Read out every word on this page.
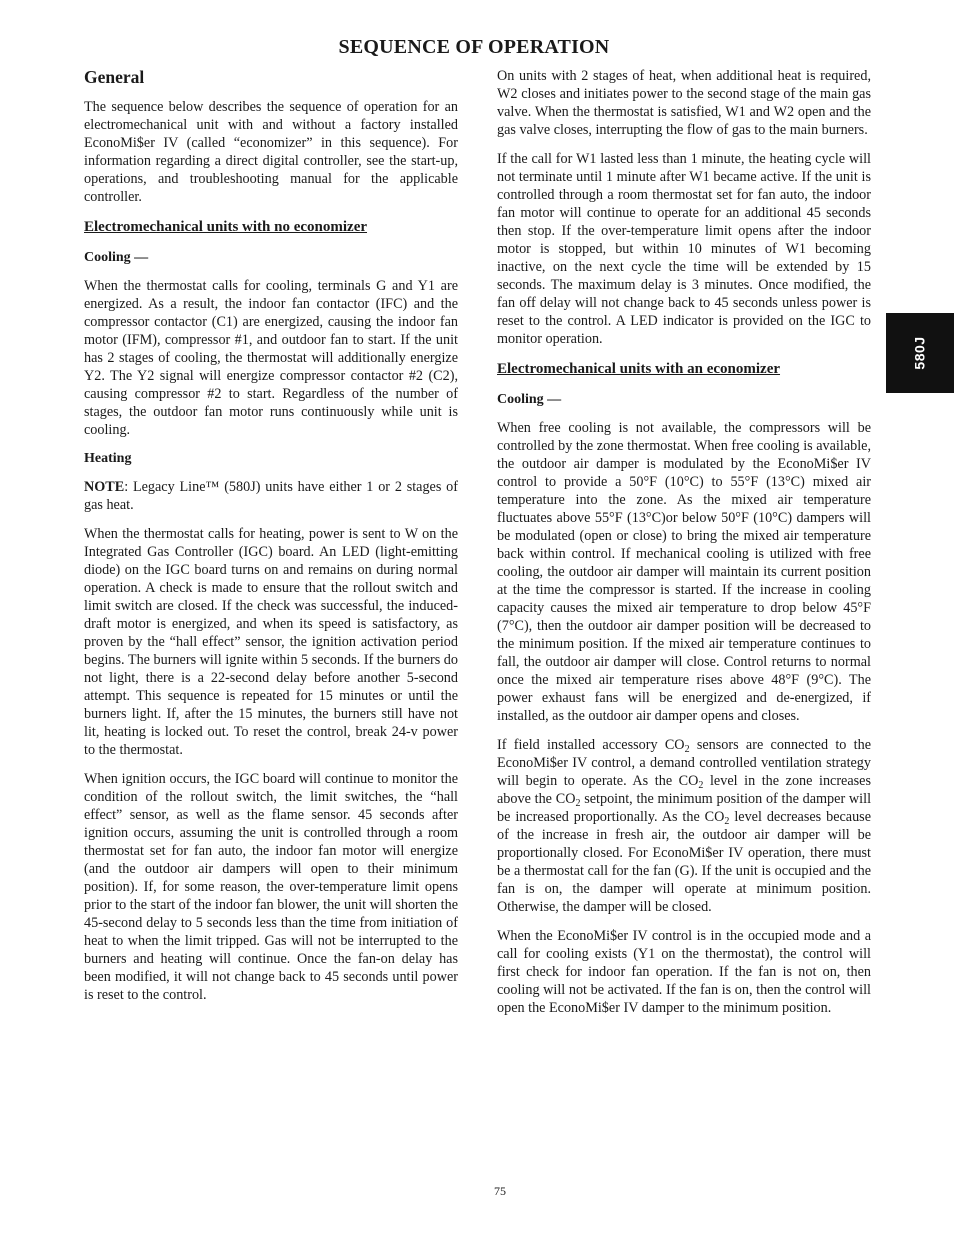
SEQUENCE OF OPERATION
General

The sequence below describes the sequence of operation for an electromechanical unit with and without a factory installed EconoMi$er IV (called “economizer” in this sequence). For information regarding a direct digital controller, see the start-up, operations, and troubleshooting manual for the applicable controller.

Electromechanical units with no economizer
Cooling —

When the thermostat calls for cooling, terminals G and Y1 are energized. As a result, the indoor fan contactor (IFC) and the compressor contactor (C1) are energized, causing the indoor fan motor (IFM), compressor #1, and outdoor fan to start. If the unit has 2 stages of cooling, the thermostat will additionally energize Y2. The Y2 signal will energize compressor contactor #2 (C2), causing compressor #2 to start. Regardless of the number of stages, the outdoor fan motor runs continuously while unit is cooling.

Heating

NOTE: Legacy Line™ (580J) units have either 1 or 2 stages of gas heat.

When the thermostat calls for heating, power is sent to W on the Integrated Gas Controller (IGC) board. An LED (light-emitting diode) on the IGC board turns on and remains on during normal operation. A check is made to ensure that the rollout switch and limit switch are closed. If the check was successful, the induced-draft motor is energized, and when its speed is satisfactory, as proven by the “hall effect” sensor, the ignition activation period begins. The burners will ignite within 5 seconds. If the burners do not light, there is a 22-second delay before another 5-second attempt. This sequence is repeated for 15 minutes or until the burners light. If, after the 15 minutes, the burners still have not lit, heating is locked out. To reset the control, break 24-v power to the thermostat.

When ignition occurs, the IGC board will continue to monitor the condition of the rollout switch, the limit switches, the “hall effect” sensor, as well as the flame sensor. 45 seconds after ignition occurs, assuming the unit is controlled through a room thermostat set for fan auto, the indoor fan motor will energize (and the outdoor air dampers will open to their minimum position). If, for some reason, the over-temperature limit opens prior to the start of the indoor fan blower, the unit will shorten the 45-second delay to 5 seconds less than the time from initiation of heat to when the limit tripped. Gas will not be interrupted to the burners and heating will continue. Once the fan-on delay has been modified, it will not change back to 45 seconds until power is reset to the control.

On units with 2 stages of heat, when additional heat is required, W2 closes and initiates power to the second stage of the main gas valve. When the thermostat is satisfied, W1 and W2 open and the gas valve closes, interrupting the flow of gas to the main burners.

If the call for W1 lasted less than 1 minute, the heating cycle will not terminate until 1 minute after W1 became active. If the unit is controlled through a room thermostat set for fan auto, the indoor fan motor will continue to operate for an additional 45 seconds then stop. If the over-temperature limit opens after the indoor motor is stopped, but within 10 minutes of W1 becoming inactive, on the next cycle the time will be extended by 15 seconds. The maximum delay is 3 minutes. Once modified, the fan off delay will not change back to 45 seconds unless power is reset to the control. A LED indicator is provided on the IGC to monitor operation.

Electromechanical units with an economizer
Cooling —

When free cooling is not available, the compressors will be controlled by the zone thermostat. When free cooling is available, the outdoor air damper is modulated by the EconoMi$er IV control to provide a 50°F (10°C) to 55°F (13°C) mixed air temperature into the zone. As the mixed air temperature fluctuates above 55°F (13°C)or below 50°F (10°C) dampers will be modulated (open or close) to bring the mixed air temperature back within control. If mechanical cooling is utilized with free cooling, the outdoor air damper will maintain its current position at the time the compressor is started. If the increase in cooling capacity causes the mixed air temperature to drop below 45°F (7°C), then the outdoor air damper position will be decreased to the minimum position. If the mixed air temperature continues to fall, the outdoor air damper will close. Control returns to normal once the mixed air temperature rises above 48°F (9°C). The power exhaust fans will be energized and de-energized, if installed, as the outdoor air damper opens and closes.

If field installed accessory $CO_2$ sensors are connected to the EconoMi$er IV control, a demand controlled ventilation strategy will begin to operate. As the $CO_2$ level in the zone increases above the $CO_2$ setpoint, the minimum position of the damper will be increased proportionally. As the $CO_2$ level decreases because of the increase in fresh air, the outdoor air damper will be proportionally closed. For EconoMi$er IV operation, there must be a thermostat call for the fan (G). If the unit is occupied and the fan is on, the damper will operate at minimum position. Otherwise, the damper will be closed.

When the EconoMi$er IV control is in the occupied mode and a call for cooling exists (Y1 on the thermostat), the control will first check for indoor fan operation. If the fan is not on, then cooling will not be activated. If the fan is on, then the control will open the EconoMi$er IV damper to the minimum position.

580J
75
